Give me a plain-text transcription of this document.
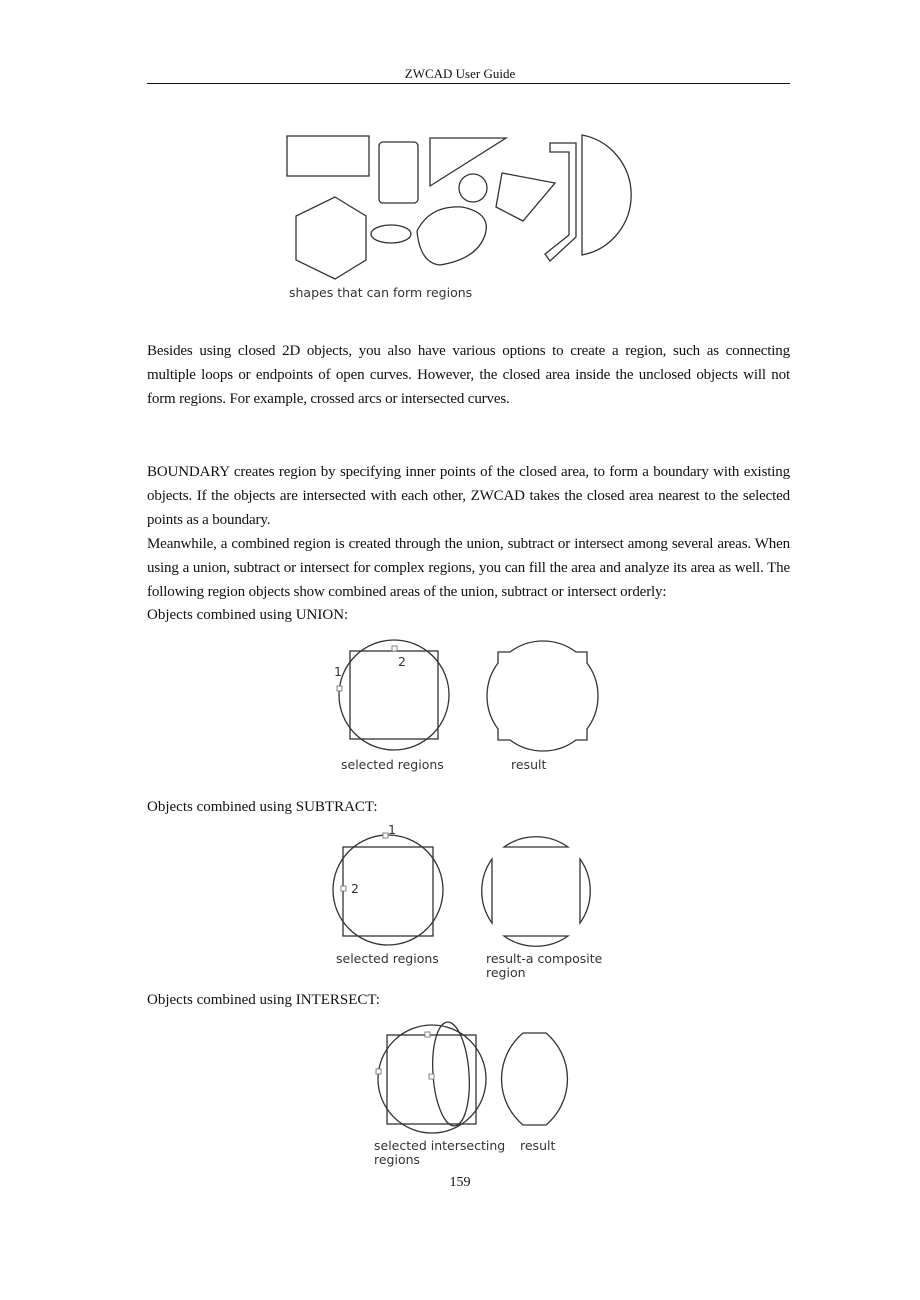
ZWCAD User Guide
shapes that can form regions

Besides using closed 2D objects, you also have various options to create a region, such as connecting multiple loops or endpoints of open curves. However, the closed area inside the unclosed objects will not form regions. For example, crossed arcs or intersected curves.

BOUNDARY creates region by specifying inner points of the closed area, to form a boundary with existing objects. If the objects are intersected with each other, ZWCAD takes the closed area nearest to the selected points as a boundary.

Meanwhile, a combined region is created through the union, subtract or intersect among several areas. When using a union, subtract or intersect for complex regions, you can fill the area and analyze its area as well. The following region objects show combined areas of the union, subtract or intersect orderly:

Objects combined using UNION:

1
2
selected regions	result

Objects combined using SUBTRACT:

1
2
selected regions	result-a composite
region

Objects combined using INTERSECT:

selected intersecting
regions
result
159
